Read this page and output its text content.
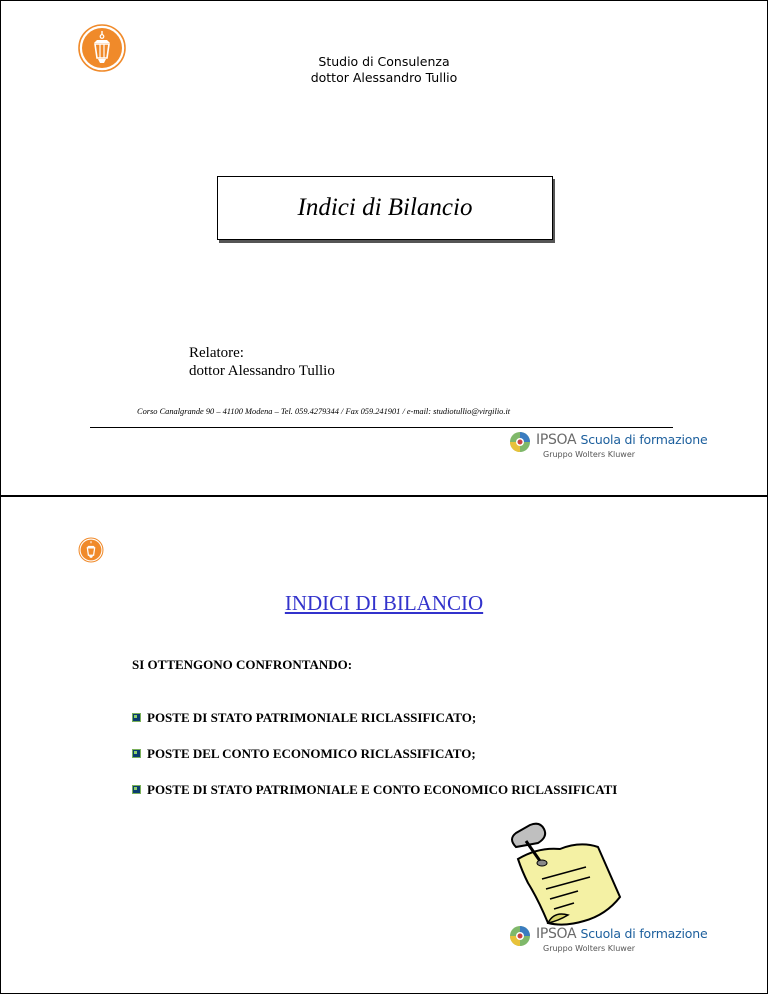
Studio di Consulenza
dottor Alessandro Tullio
Indici di Bilancio
Relatore:
dottor Alessandro Tullio
Corso Canalgrande 90 – 41100 Modena – Tel. 059.4279344 / Fax 059.241901 / e-mail: studiotullio@virgilio.it
IPSOA Scuola di formazione
Gruppo Wolters Kluwer
INDICI DI BILANCIO
SI OTTENGONO CONFRONTANDO:
POSTE DI STATO PATRIMONIALE RICLASSIFICATO;
POSTE DEL CONTO ECONOMICO RICLASSIFICATO;
POSTE DI STATO PATRIMONIALE E CONTO ECONOMICO RICLASSIFICATI
IPSOA Scuola di formazione
Gruppo Wolters Kluwer
